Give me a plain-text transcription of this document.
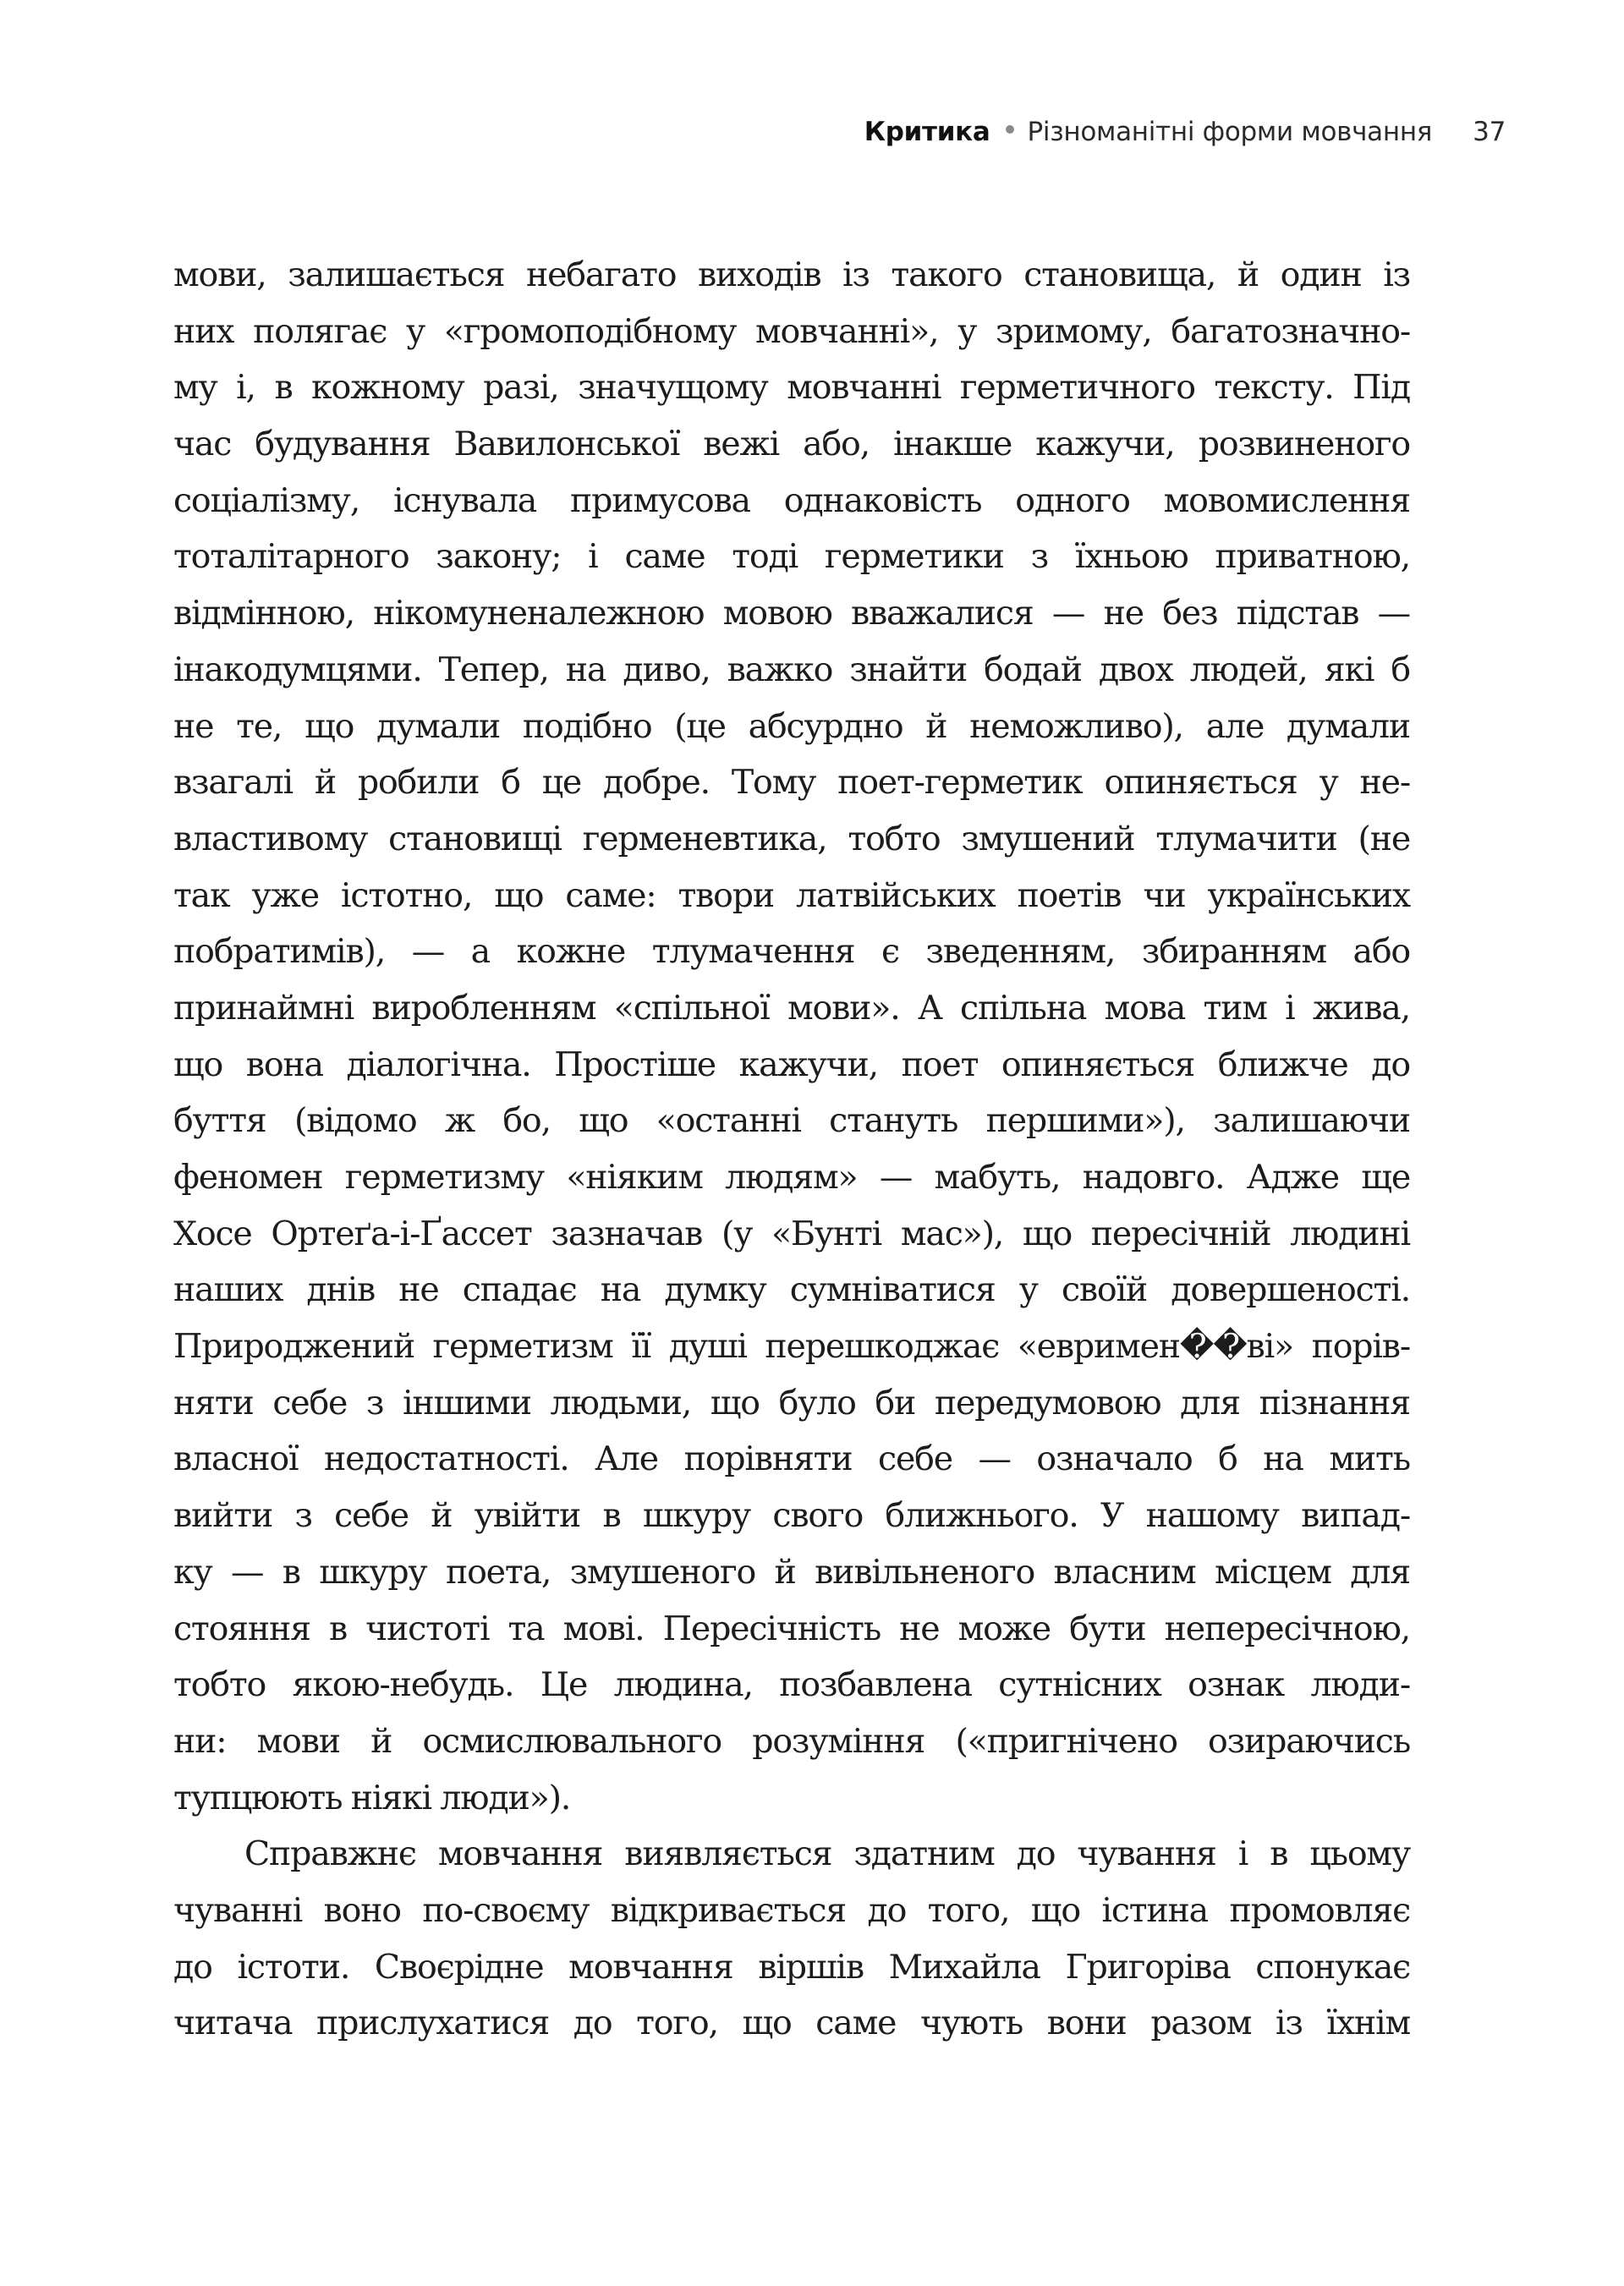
Критика Різноманітні форми мовчання 37
мови, залишається небагато виходів із такого становища, й один із
них полягає у «громоподібному мовчанні», у зримому, багатозначно-
му і, в кожному разі, значущому мовчанні герметичного тексту. Під
час будування Вавилонської вежі або, інакше кажучи, розвиненого
соціалізму, існувала примусова однаковість одного мовомислення
тоталітарного закону; і саме тоді герметики з їхньою приватною,
відмінною, нікомуненалежною мовою вважалися — не без підстав —
інакодумцями. Тепер, на диво, важко знайти бодай двох людей, які б
не те, що думали подібно (це абсурдно й неможливо), але думали
взагалі й робили б це добре. Тому поет-герметик опиняється у не-
властивому становищі герменевтика, тобто змушений тлумачити (не
так уже істотно, що саме: твори латвійських поетів чи українських
побратимів), — а кожне тлумачення є зведенням, збиранням або
принаймні виробленням «спільної мови». А спільна мова тим і жива,
що вона діалогічна. Простіше кажучи, поет опиняється ближче до
буття (відомо ж бо, що «останні стануть першими»), залишаючи
феномен герметизму «ніяким людям» — мабуть, надовго. Адже ще
Хосе Ортеґа-і-Ґассет зазначав (у «Бунті мас»), що пересічній людині
наших днів не спадає на думку сумніватися у своїй довершеності.
Природжений герметизм її душі перешкоджає «евримен��ві» порів-
няти себе з іншими людьми, що було би передумовою для пізнання
власної недостатності. Але порівняти себе — означало б на мить
вийти з себе й увійти в шкуру свого ближнього. У нашому випад-
ку — в шкуру поета, змушеного й вивільненого власним місцем для
стояння в чистоті та мові. Пересічність не може бути непересічною,
тобто якою-небудь. Це людина, позбавлена сутнісних ознак люди-
ни: мови й осмислювального розуміння («пригнічено озираючись
тупцюють ніякі люди»).
Справжнє мовчання виявляється здатним до чування і в цьому
чуванні воно по-своєму відкривається до того, що істина промовляє
до істоти. Своєрідне мовчання віршів Михайла Григоріва спонукає
читача прислухатися до того, що саме чують вони разом із їхнім
